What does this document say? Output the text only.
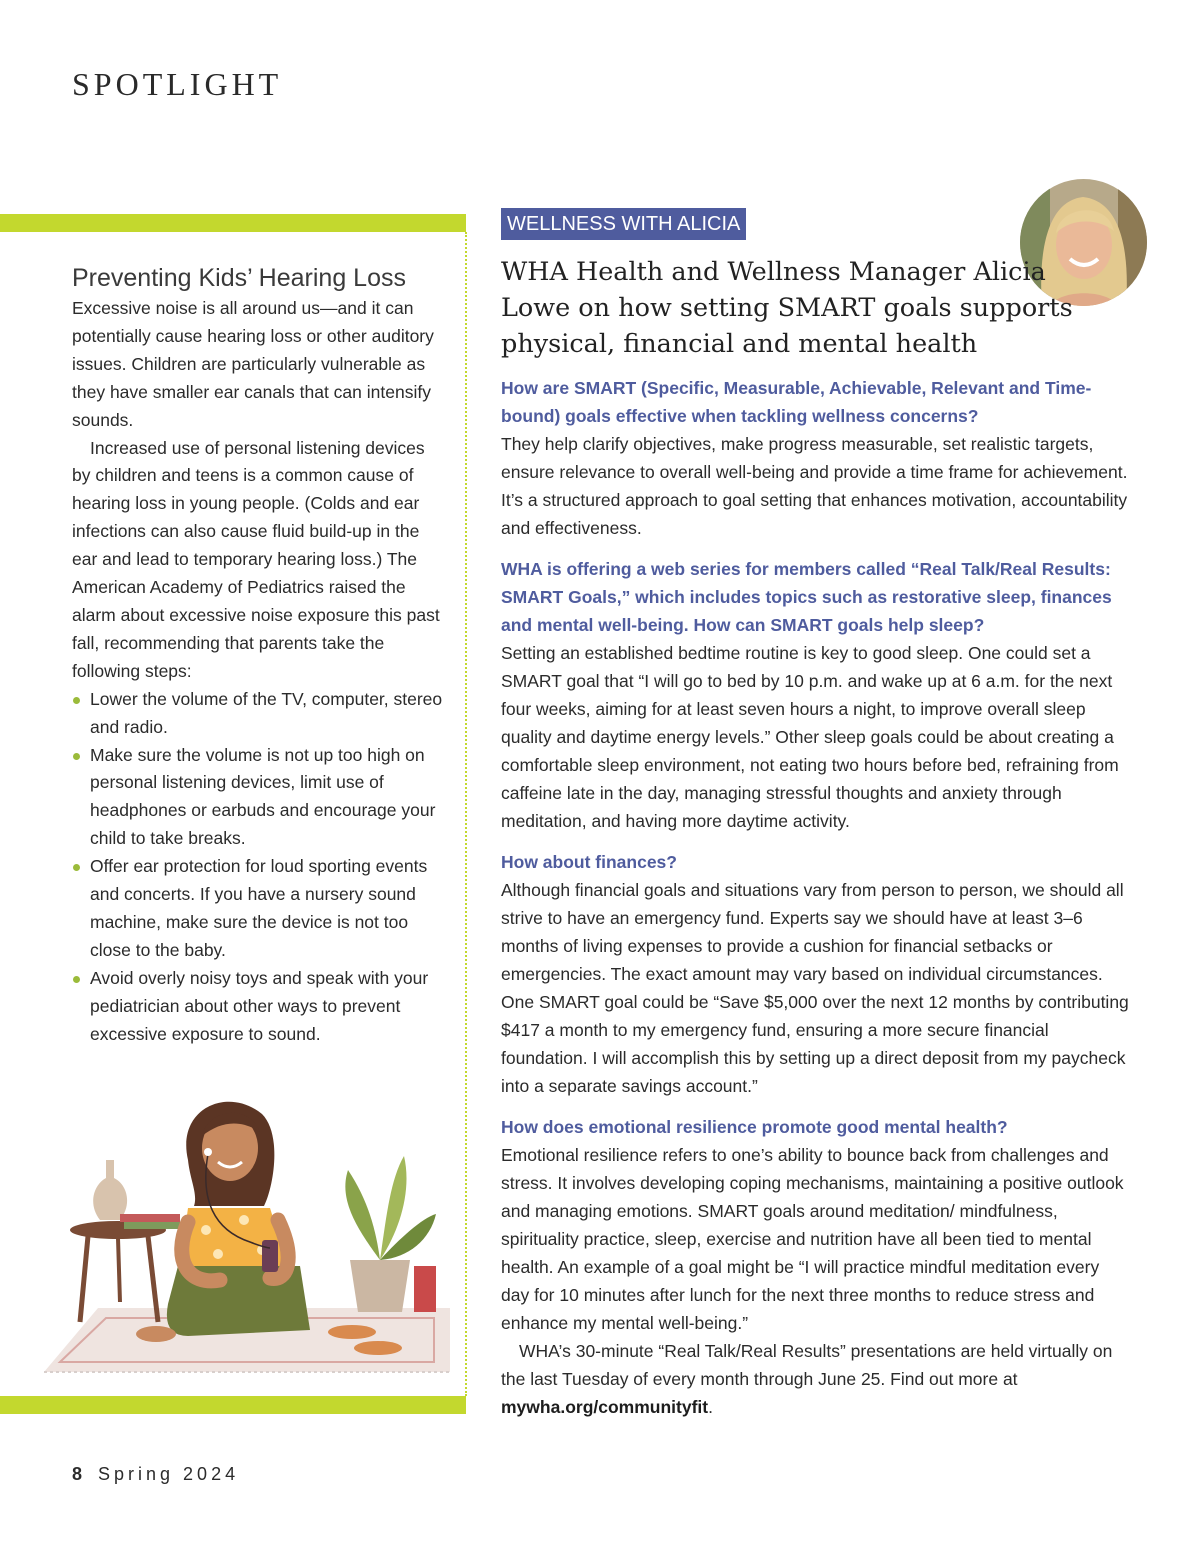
SPOTLIGHT
Preventing Kids’ Hearing Loss

Excessive noise is all around us—and it can potentially cause hearing loss or other auditory issues. Children are particularly vulnerable as they have smaller ear canals that can intensify sounds.

Increased use of personal listening devices by children and teens is a common cause of hearing loss in young people. (Colds and ear infections can also cause fluid build-up in the ear and lead to temporary hearing loss.) The American Academy of Pediatrics raised the alarm about excessive noise exposure this past fall, recommending that parents take the following steps:

Lower the volume of the TV, computer, stereo and radio.
Make sure the volume is not up too high on personal listening devices, limit use of headphones or earbuds and encourage your child to take breaks.
Offer ear protection for loud sporting events and concerts. If you have a nursery sound machine, make sure the device is not too close to the baby.
Avoid overly noisy toys and speak with your pediatrician about other ways to prevent excessive exposure to sound.
WELLNESS WITH ALICIA
WHA Health and Wellness Manager Alicia Lowe on how setting SMART goals supports physical, financial and mental health

How are SMART (Specific, Measurable, Achievable, Relevant and Time-bound) goals effective when tackling wellness concerns?

They help clarify objectives, make progress measurable, set realistic targets, ensure relevance to overall well-being and provide a time frame for achievement. It’s a structured approach to goal setting that enhances motivation, accountability and effectiveness.

WHA is offering a web series for members called “Real Talk/Real Results: SMART Goals,” which includes topics such as restorative sleep, finances and mental well-being. How can SMART goals help sleep?

Setting an established bedtime routine is key to good sleep. One could set a SMART goal that “I will go to bed by 10 p.m. and wake up at 6 a.m. for the next four weeks, aiming for at least seven hours a night, to improve overall sleep quality and daytime energy levels.” Other sleep goals could be about creating a comfortable sleep environment, not eating two hours before bed, refraining from caffeine late in the day, managing stressful thoughts and anxiety through meditation, and having more daytime activity.

How about finances?

Although financial goals and situations vary from person to person, we should all strive to have an emergency fund. Experts say we should have at least 3–6 months of living expenses to provide a cushion for financial setbacks or emergencies. The exact amount may vary based on individual circumstances. One SMART goal could be “Save $5,000 over the next 12 months by contributing $417 a month to my emergency fund, ensuring a more secure financial foundation. I will accomplish this by setting up a direct deposit from my paycheck into a separate savings account.”

How does emotional resilience promote good mental health?

Emotional resilience refers to one’s ability to bounce back from challenges and stress. It involves developing coping mechanisms, maintaining a positive outlook and managing emotions. SMART goals around meditation/ mindfulness, spirituality practice, sleep, exercise and nutrition have all been tied to mental health. An example of a goal might be “I will practice mindful meditation every day for 10 minutes after lunch for the next three months to reduce stress and enhance my mental well-being.”

WHA’s 30-minute “Real Talk/Real Results” presentations are held virtually on the last Tuesday of every month through June 25. Find out more at mywha.org/communityfit.

8 Spring 2024
